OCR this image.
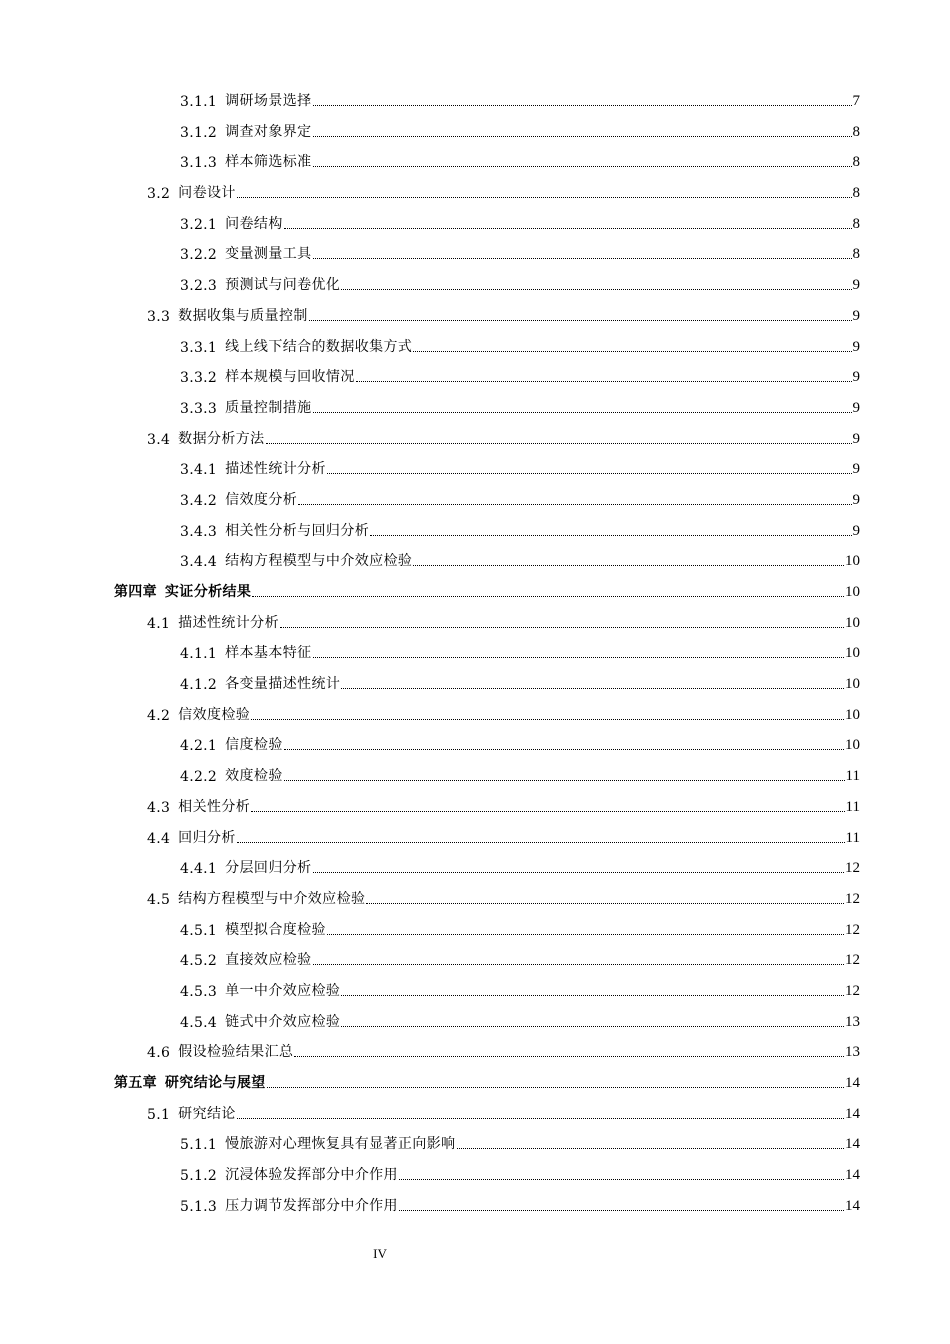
3.1.1 调研场景选择	7
3.1.2 调查对象界定	8
3.1.3 样本筛选标准	8
3.2 问卷设计	8
3.2.1 问卷结构	8
3.2.2 变量测量工具	8
3.2.3 预测试与问卷优化	9
3.3 数据收集与质量控制	9
3.3.1 线上线下结合的数据收集方式	9
3.3.2 样本规模与回收情况	9
3.3.3 质量控制措施	9
3.4 数据分析方法	9
3.4.1 描述性统计分析	9
3.4.2 信效度分析	9
3.4.3 相关性分析与回归分析	9
3.4.4 结构方程模型与中介效应检验	10
第四章 实证分析结果	10
4.1 描述性统计分析	10
4.1.1 样本基本特征	10
4.1.2 各变量描述性统计	10
4.2 信效度检验	10
4.2.1 信度检验	10
4.2.2 效度检验	11
4.3 相关性分析	11
4.4 回归分析	11
4.4.1 分层回归分析	12
4.5 结构方程模型与中介效应检验	12
4.5.1 模型拟合度检验	12
4.5.2 直接效应检验	12
4.5.3 单一中介效应检验	12
4.5.4 链式中介效应检验	13
4.6 假设检验结果汇总	13
第五章 研究结论与展望	14
5.1 研究结论	14
5.1.1 慢旅游对心理恢复具有显著正向影响	14
5.1.2 沉浸体验发挥部分中介作用	14
5.1.3 压力调节发挥部分中介作用	14
IV
